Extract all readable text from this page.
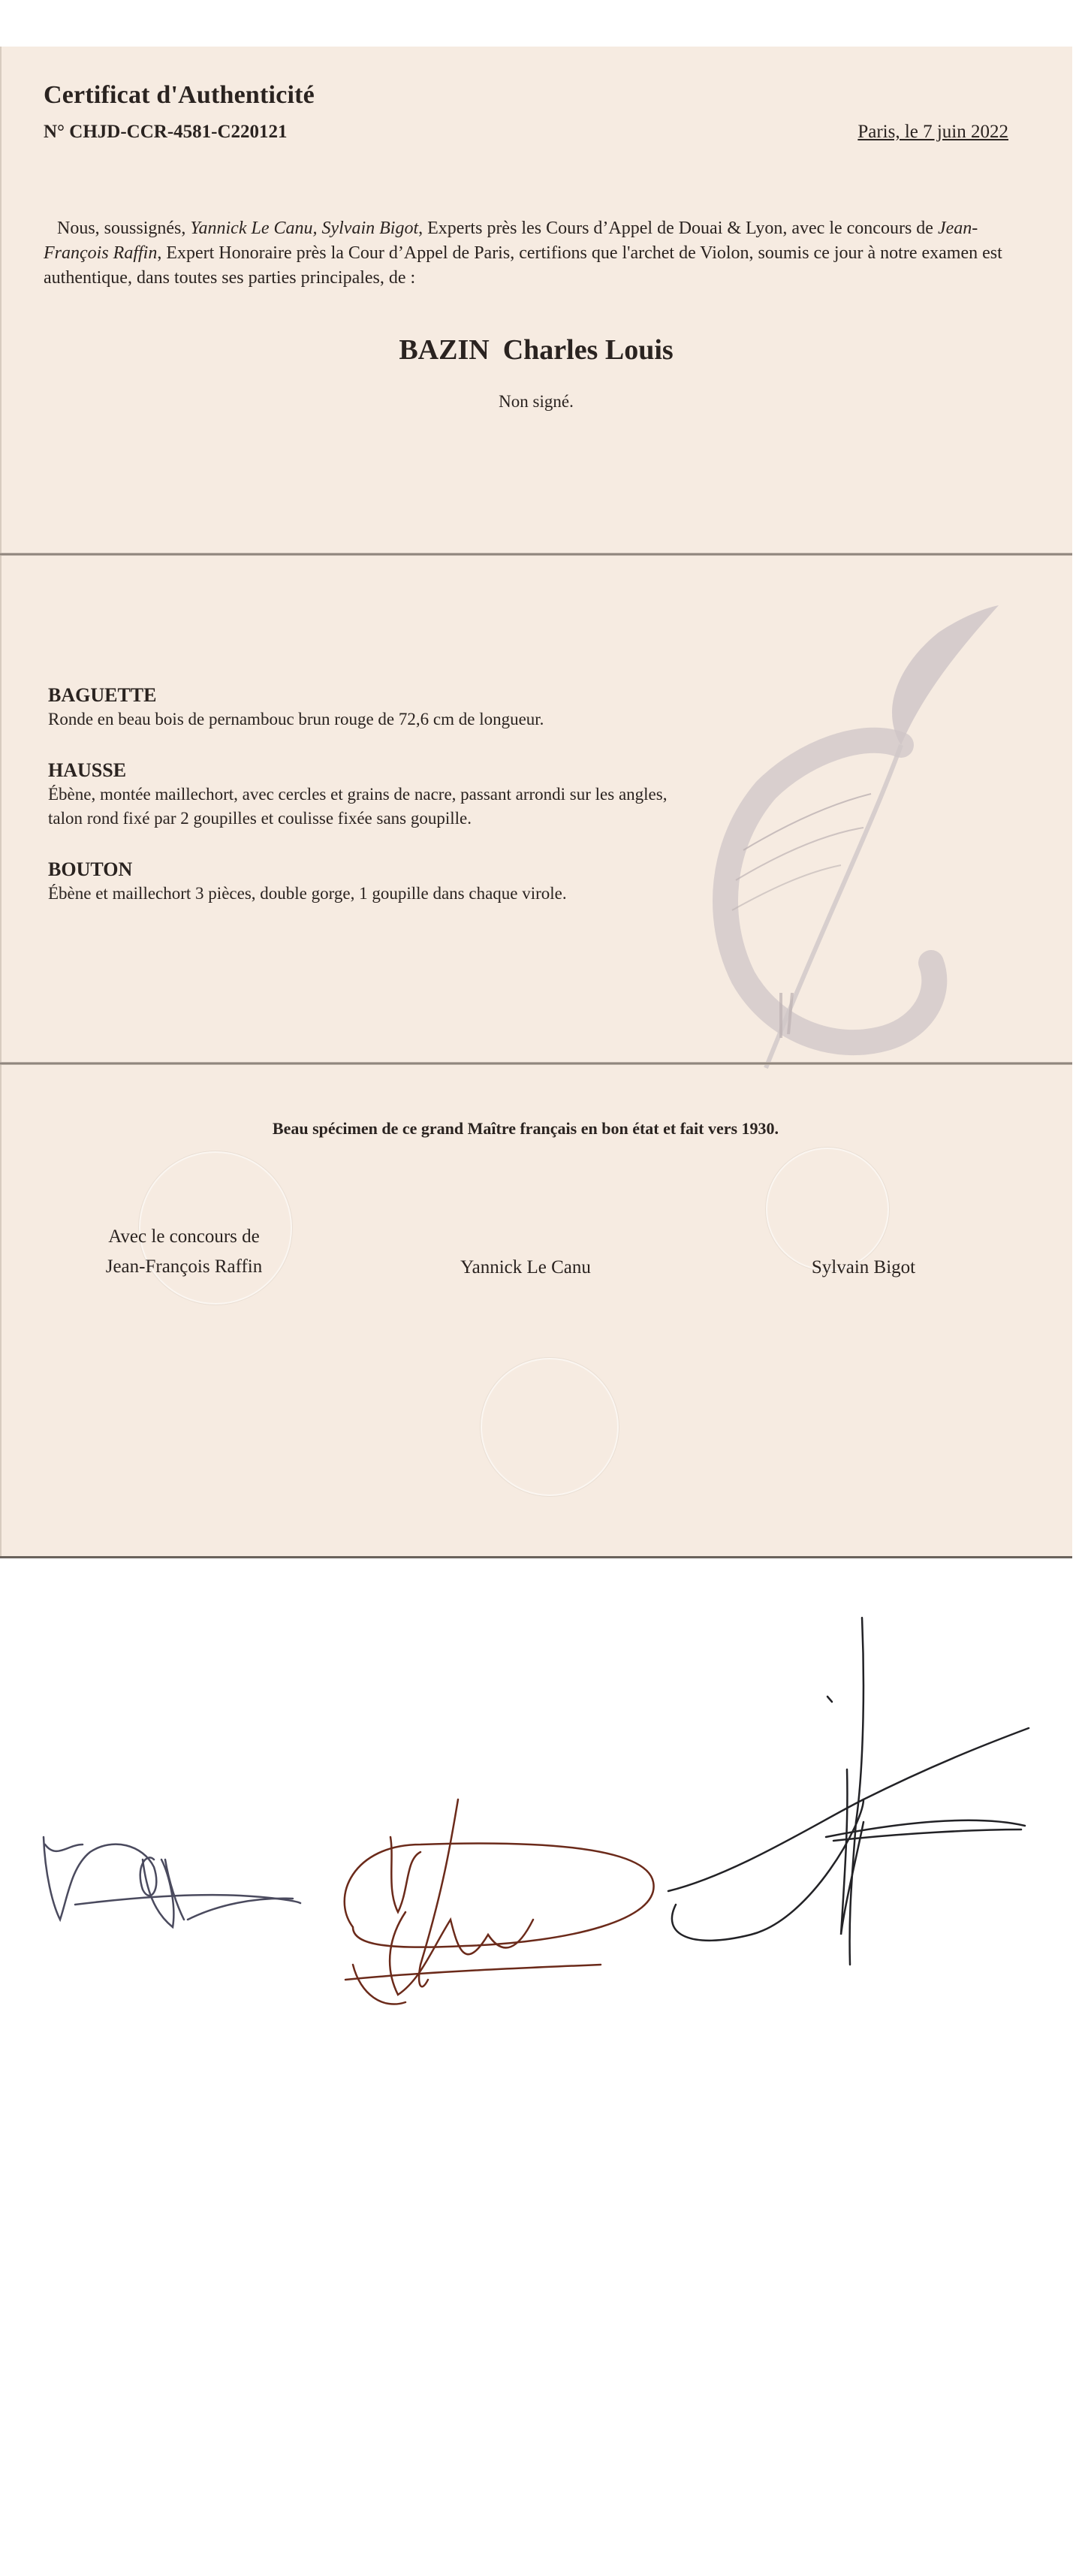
Certificat d'Authenticité
N° CHJD-CCR-4581-C220121	Paris, le 7 juin 2022

Nous, soussignés, Yannick Le Canu, Sylvain Bigot, Experts près les Cours d’Appel de Douai & Lyon, avec le concours de Jean-François Raffin, Expert Honoraire près la Cour d’Appel de Paris, certifions que l'archet de Violon, soumis ce jour à notre examen est authentique, dans toutes ses parties principales, de :

BAZIN Charles Louis
Non signé.
BAGUETTE
Ronde en beau bois de pernambouc brun rouge de 72,6 cm de longueur.
HAUSSE
Ébène, montée maillechort, avec cercles et grains de nacre, passant arrondi sur les angles, talon rond fixé par 2 goupilles et coulisse fixée sans goupille.
BOUTON
Ébène et maillechort 3 pièces, double gorge, 1 goupille dans chaque virole.
Beau spécimen de ce grand Maître français en bon état et fait vers 1930.
Avec le concours de
Jean-François Raffin	Yannick Le Canu	Sylvain Bigot
